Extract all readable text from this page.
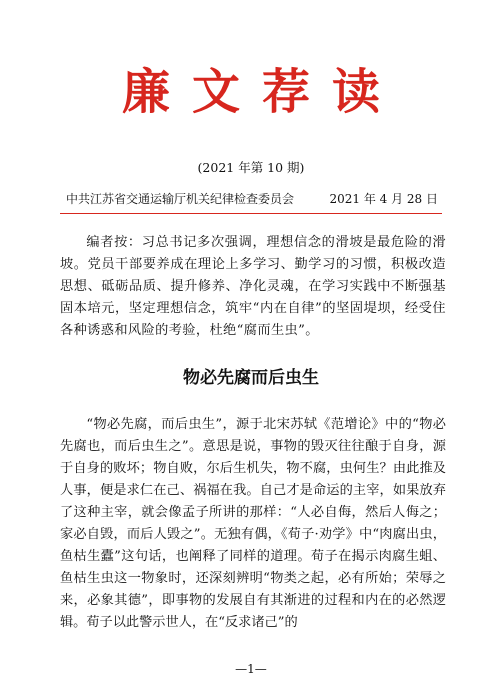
廉文荐读
(2021 年第 10 期)
中共江苏省交通运输厅机关纪律检查委员会	2021 年 4 月 28 日

编者按：习总书记多次强调，理想信念的滑坡是最危险的滑坡。党员干部要养成在理论上多学习、勤学习的习惯，积极改造思想、砥砺品质、提升修养、净化灵魂，在学习实践中不断强基固本培元，坚定理想信念，筑牢“内在自律”的坚固堤坝，经受住各种诱惑和风险的考验，杜绝“腐而生虫”。

物必先腐而后虫生

“物必先腐，而后虫生”，源于北宋苏轼《范增论》中的“物必先腐也，而后虫生之”。意思是说，事物的毁灭往往酿于自身，源于自身的败坏；物自败，尔后生机失，物不腐，虫何生？由此推及人事，便是求仁在己、祸福在我。自己才是命运的主宰，如果放弃了这种主宰，就会像孟子所讲的那样：“人必自侮，然后人侮之；家必自毁，而后人毁之”。无独有偶，《荀子·劝学》中“肉腐出虫，鱼枯生蠹”这句话，也阐释了同样的道理。荀子在揭示肉腐生蛆、鱼枯生虫这一物象时，还深刻辨明“物类之起，必有所始；荣辱之来，必象其德”，即事物的发展自有其渐进的过程和内在的必然逻辑。荀子以此警示世人，在“反求诸己”的

—1—
